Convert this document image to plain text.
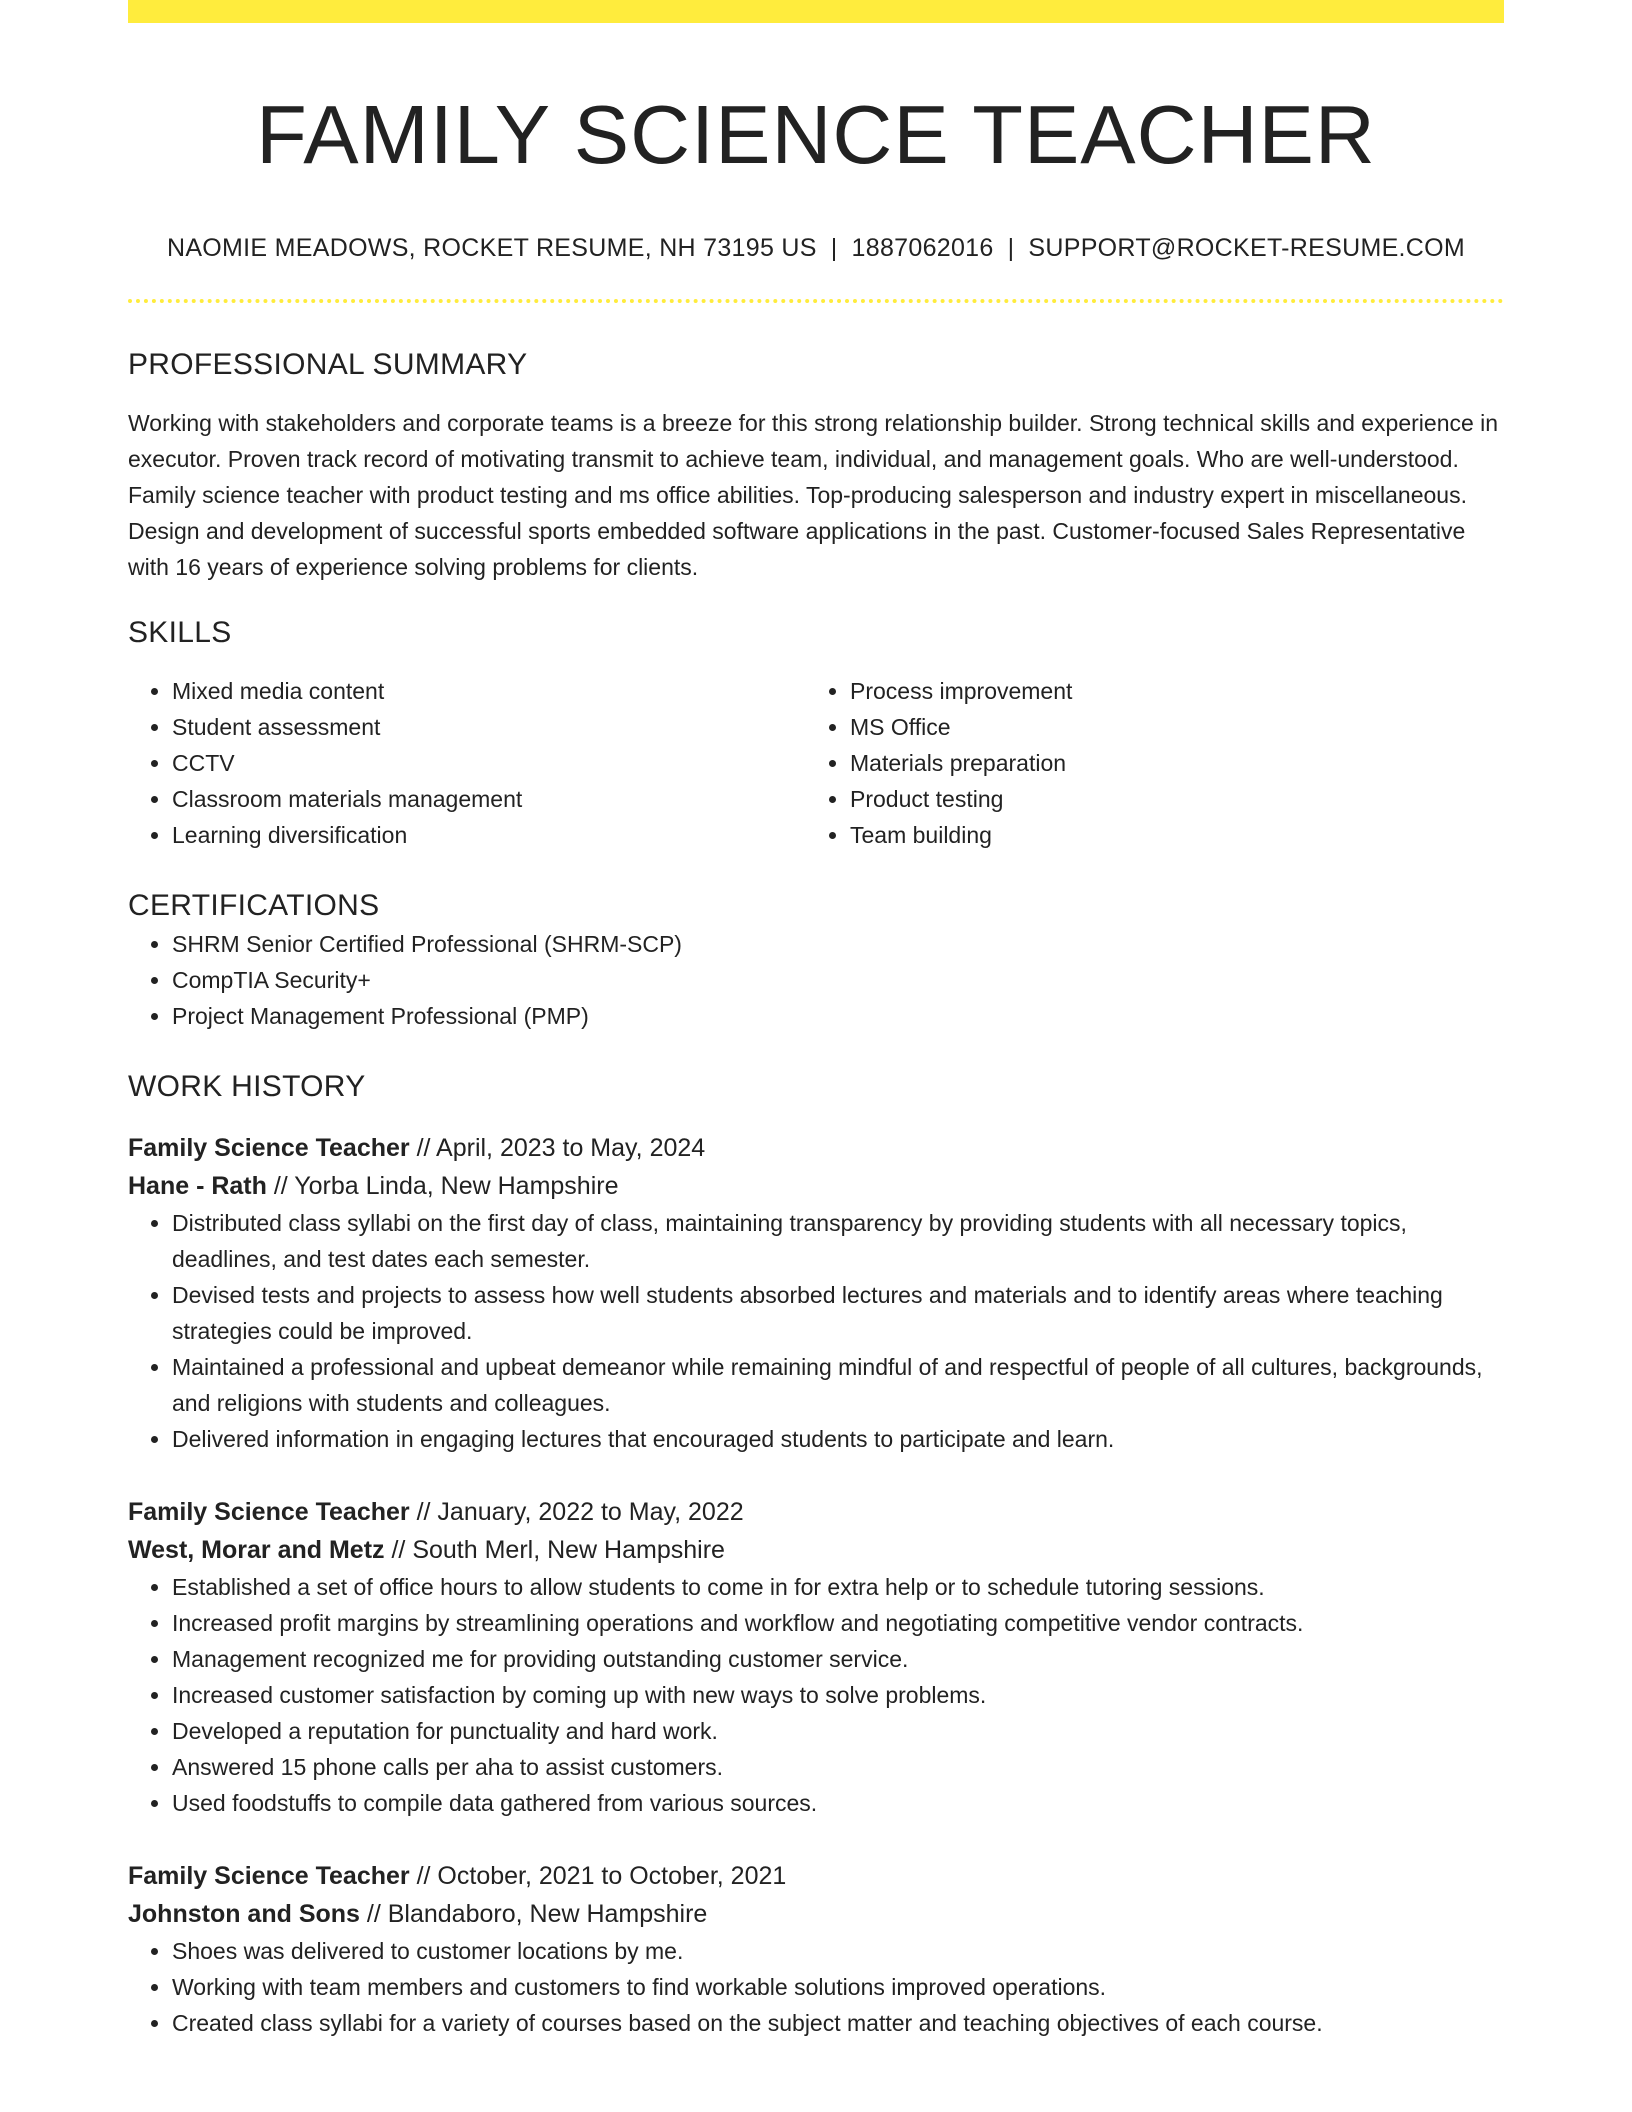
FAMILY SCIENCE TEACHER
NAOMIE MEADOWS, ROCKET RESUME, NH 73195 US | 1887062016 | SUPPORT@ROCKET-RESUME.COM
PROFESSIONAL SUMMARY
Working with stakeholders and corporate teams is a breeze for this strong relationship builder. Strong technical skills and experience in executor. Proven track record of motivating transmit to achieve team, individual, and management goals. Who are well-understood. Family science teacher with product testing and ms office abilities. Top-producing salesperson and industry expert in miscellaneous. Design and development of successful sports embedded software applications in the past. Customer-focused Sales Representative with 16 years of experience solving problems for clients.
SKILLS
• Mixed media content
• Student assessment
• CCTV
• Classroom materials management
• Learning diversification
• Process improvement
• MS Office
• Materials preparation
• Product testing
• Team building
CERTIFICATIONS
• SHRM Senior Certified Professional (SHRM-SCP)
• CompTIA Security+
• Project Management Professional (PMP)
WORK HISTORY
Family Science Teacher // April, 2023 to May, 2024
Hane - Rath // Yorba Linda, New Hampshire
• Distributed class syllabi on the first day of class, maintaining transparency by providing students with all necessary topics, deadlines, and test dates each semester.
• Devised tests and projects to assess how well students absorbed lectures and materials and to identify areas where teaching strategies could be improved.
• Maintained a professional and upbeat demeanor while remaining mindful of and respectful of people of all cultures, backgrounds, and religions with students and colleagues.
• Delivered information in engaging lectures that encouraged students to participate and learn.
Family Science Teacher // January, 2022 to May, 2022
West, Morar and Metz // South Merl, New Hampshire
• Established a set of office hours to allow students to come in for extra help or to schedule tutoring sessions.
• Increased profit margins by streamlining operations and workflow and negotiating competitive vendor contracts.
• Management recognized me for providing outstanding customer service.
• Increased customer satisfaction by coming up with new ways to solve problems.
• Developed a reputation for punctuality and hard work.
• Answered 15 phone calls per aha to assist customers.
• Used foodstuffs to compile data gathered from various sources.
Family Science Teacher // October, 2021 to October, 2021
Johnston and Sons // Blandaboro, New Hampshire
• Shoes was delivered to customer locations by me.
• Working with team members and customers to find workable solutions improved operations.
• Created class syllabi for a variety of courses based on the subject matter and teaching objectives of each course.
